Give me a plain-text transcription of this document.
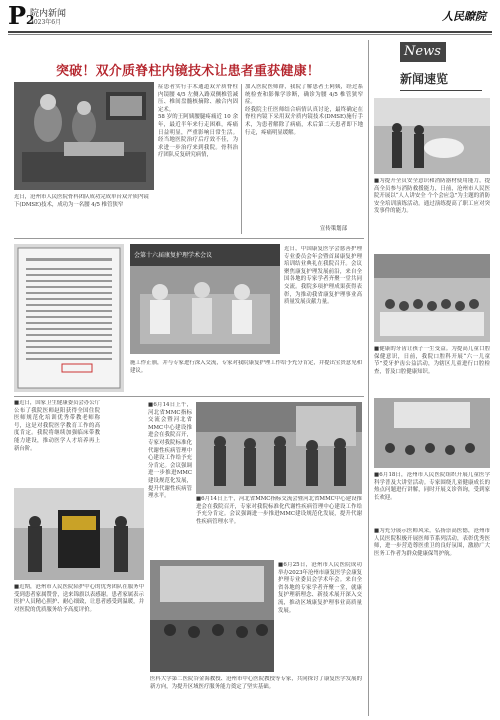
P2
院内新闻
2023年6月	人民瞭院
突破！双介质脊柱内镜技术让患者重获健康！
近日，沧州市人民医院骨科团队成功完成单台双介质内镜下(DMSE)技术，成功为一名腰 4/5 椎管狭窄
症患者实行手术通道双介质脊柱内镜腰 4/5 左侧入路双侧椎管减压、椎间盘髓核摘除、融合内固定术。
58 岁的王阿姨腰腿疼痛近 10 余年，最近半年来行走困难，疼痛日益明显，严重影响日常生活。经当地医院治疗后疗效不佳，为求进一步治疗来到我院。骨科治疗团队反复研究病情，
加入医院医师群，我院了解患者王阿姨，经过系统检查和影像学诊断，确诊为腰 4/5 椎管狭窄症。
经我院主任医师结合病情认真讨论，最终确定在脊柱内镜下采用双介质内镜技术(DMSE)施行手术，为患者解除了病痛，术后第二天患者即下地行走，疼痛明显缓解。
宣传策划部
会第十六届康复护理学术会议
近日，中国康复医学会慈善护理专业委员会年会暨首届康复护理培训结业典礼在我院召开。会议聚焦康复护理发展前沿，来自全国各地的专家学者齐聚一堂共同交流。我院多项护理成果获得表彰，为推动我省康复护理事业高质量发展贡献力量。
施工作正颁，并与专家进行深入交流，专家对我院康复护理工作给予充分肯定，并提出宝贵意见和建议。
■近日，国家卫生健康委员会办公厅公布了我院医师赵阳获得全国住院医师规范化培训优秀带教老师称号，这是对我院医学教育工作的高度肯定。我院将继续加强临床带教能力建设，推动医学人才培养再上新台阶。
■6月14日上午，河北省MMC指标交流会暨河北省MMC中心建设推进会在我院召开，专家对我院标准化代谢性疾病管理中心建设工作给予充分肯定。会议强调进一步推进MMC建设规范化发展，提升代谢性疾病管理水平。	■6月14日上午，河北省MMC指标交流会暨河北省MMC中心建设推进会在我院召开，专家对我院标准化代谢性疾病管理中心建设工作给予充分肯定。会议强调进一步推进MMC建设规范化发展，提升代谢性疾病管理水平。
■近期，沧州市人民医院陪护中心的优秀团队在服务中受到患者家属赞誉，送来锦旗以表感谢。患者家属表示医护人员精心照护、耐心细致，让患者感受到温暖，并对医院的优质服务给予高度评价。
■6月25日，沧州市人民医院成功举办2023年沧州市康复医学会康复护理专业委员会学术年会。来自全省各地的专家学者齐聚一堂，就康复护理新理念、新技术展开深入交流，推动区域康复护理事业高质量发展。
医科大学第二医院谷金海教授、沧州市中心医院教授等专家，共同探讨了康复医学发展的新方向，为提升区域医疗服务能力奠定了坚实基础。
News
新闻速览
■为提升全员安全意识和消防器材使用能力，提高全员参与消防救援能力，日前，沧州市人民医院开展以“人人讲安全 个个会应急”为主题的消防安全培训演练活动。通过演练提高了职工应对突发事件的能力。
■健康的牙齿让孩子一生受益。为提高儿童口腔保健意识，日前，我院口腔科开展“六一儿童节”爱牙护齿公益活动，为辖区儿童进行口腔检查，普及口腔健康知识。
■6月18日，沧州市人民医院组织开展儿童医学科学普及大讲堂活动。专家围绕儿童健康成长的热点问题进行讲解，同时开展义诊咨询，受到家长欢迎。
■为充分展示医师风采，弘扬崇高医德，沧州市人民医院积极开展医师节系列活动，表彰优秀医师，进一步营造尊医重卫的良好氛围，激励广大医务工作者为群众健康保驾护航。
